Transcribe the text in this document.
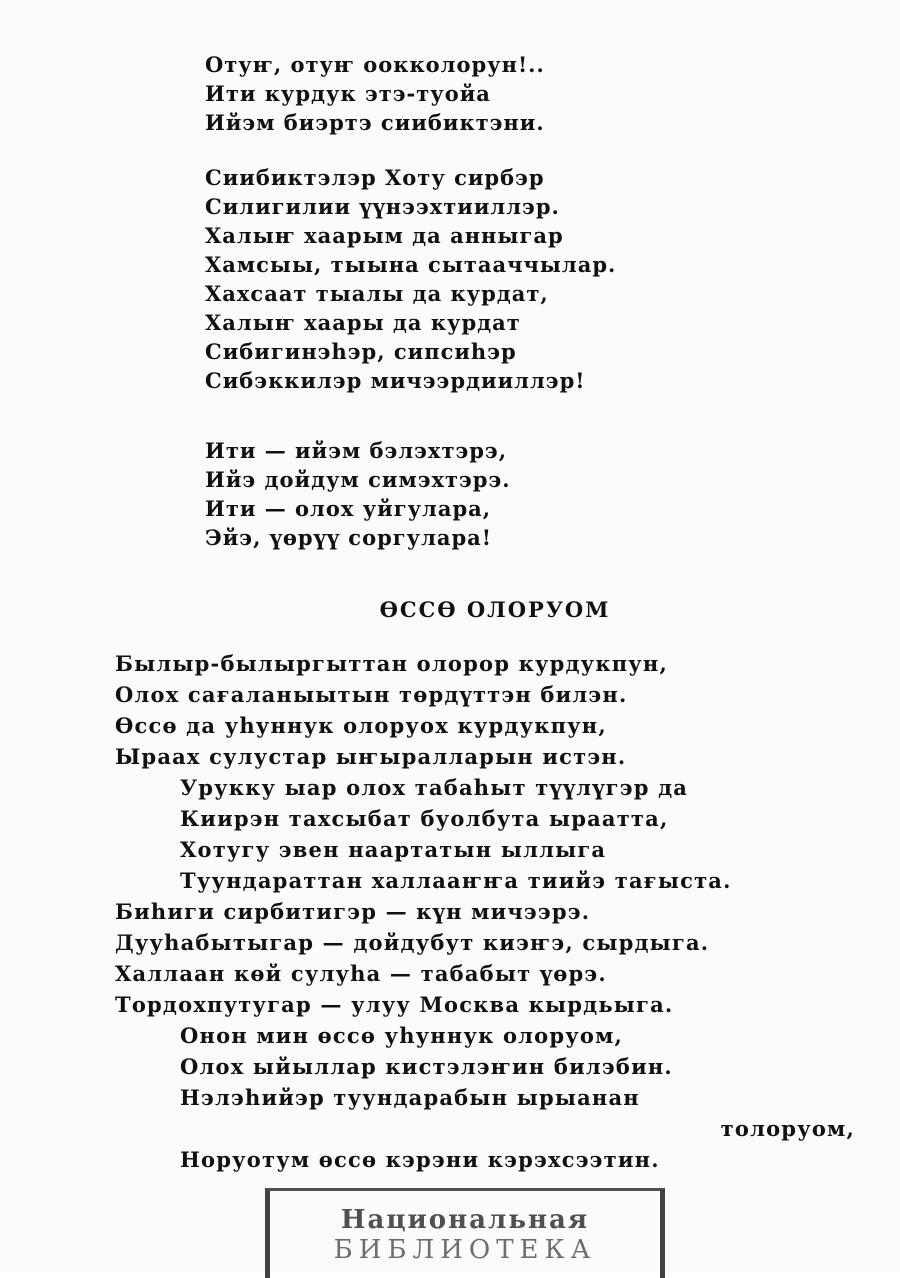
Отуҥ, отуҥ оокколорун!..
Ити курдук этэ-туойа
Ийэм биэртэ сиибиктэни.
Сиибиктэлэр Хоту сирбэр
Силигилии үүнээхтииллэр.
Халыҥ хаарым да анныгар
Хамсыы, тыына сытааччылар.
Хахсаат тыалы да курдат,
Халыҥ хаары да курдат
Сибигинэһэр, сипсиһэр
Сибэккилэр мичээрдииллэр!
Ити — ийэм бэлэхтэрэ,
Ийэ дойдум симэхтэрэ.
Ити — олох уйгулара,
Эйэ, үөрүү соргулара!
ӨССӨ ОЛОРУОМ
Былыр-былыргыттан олорор курдукпун,
Олох сағаланыытын төрдүттэн билэн.
Өссө да уһуннук олоруох курдукпун,
Ыраах сулустар ыҥыралларын истэн.
Урукку ыар олох табаһыт түүлүгэр да
Киирэн тахсыбат буолбута ыраатта,
Хотугу эвен наартатын ыллыга
Туундараттан халлааҥҥа тиийэ тағыста.
Биһиги сирбитигэр — күн мичээрэ.
Дууһабытыгар — дойдубут киэҥэ, сырдыга.
Халлаан көй сулуһа — табабыт үөрэ.
Тордохпутугар — улуу Москва кырдьыга.
Онон мин өссө уһуннук олоруом,
Олох ыйыллар кистэлэҥин билэбин.
Нэлэһийэр туундарабын ырыанан
толоруом,
Норуотум өссө кэрэни кэрэхсээтин.
Национальная
БИБЛИОТЕКА
